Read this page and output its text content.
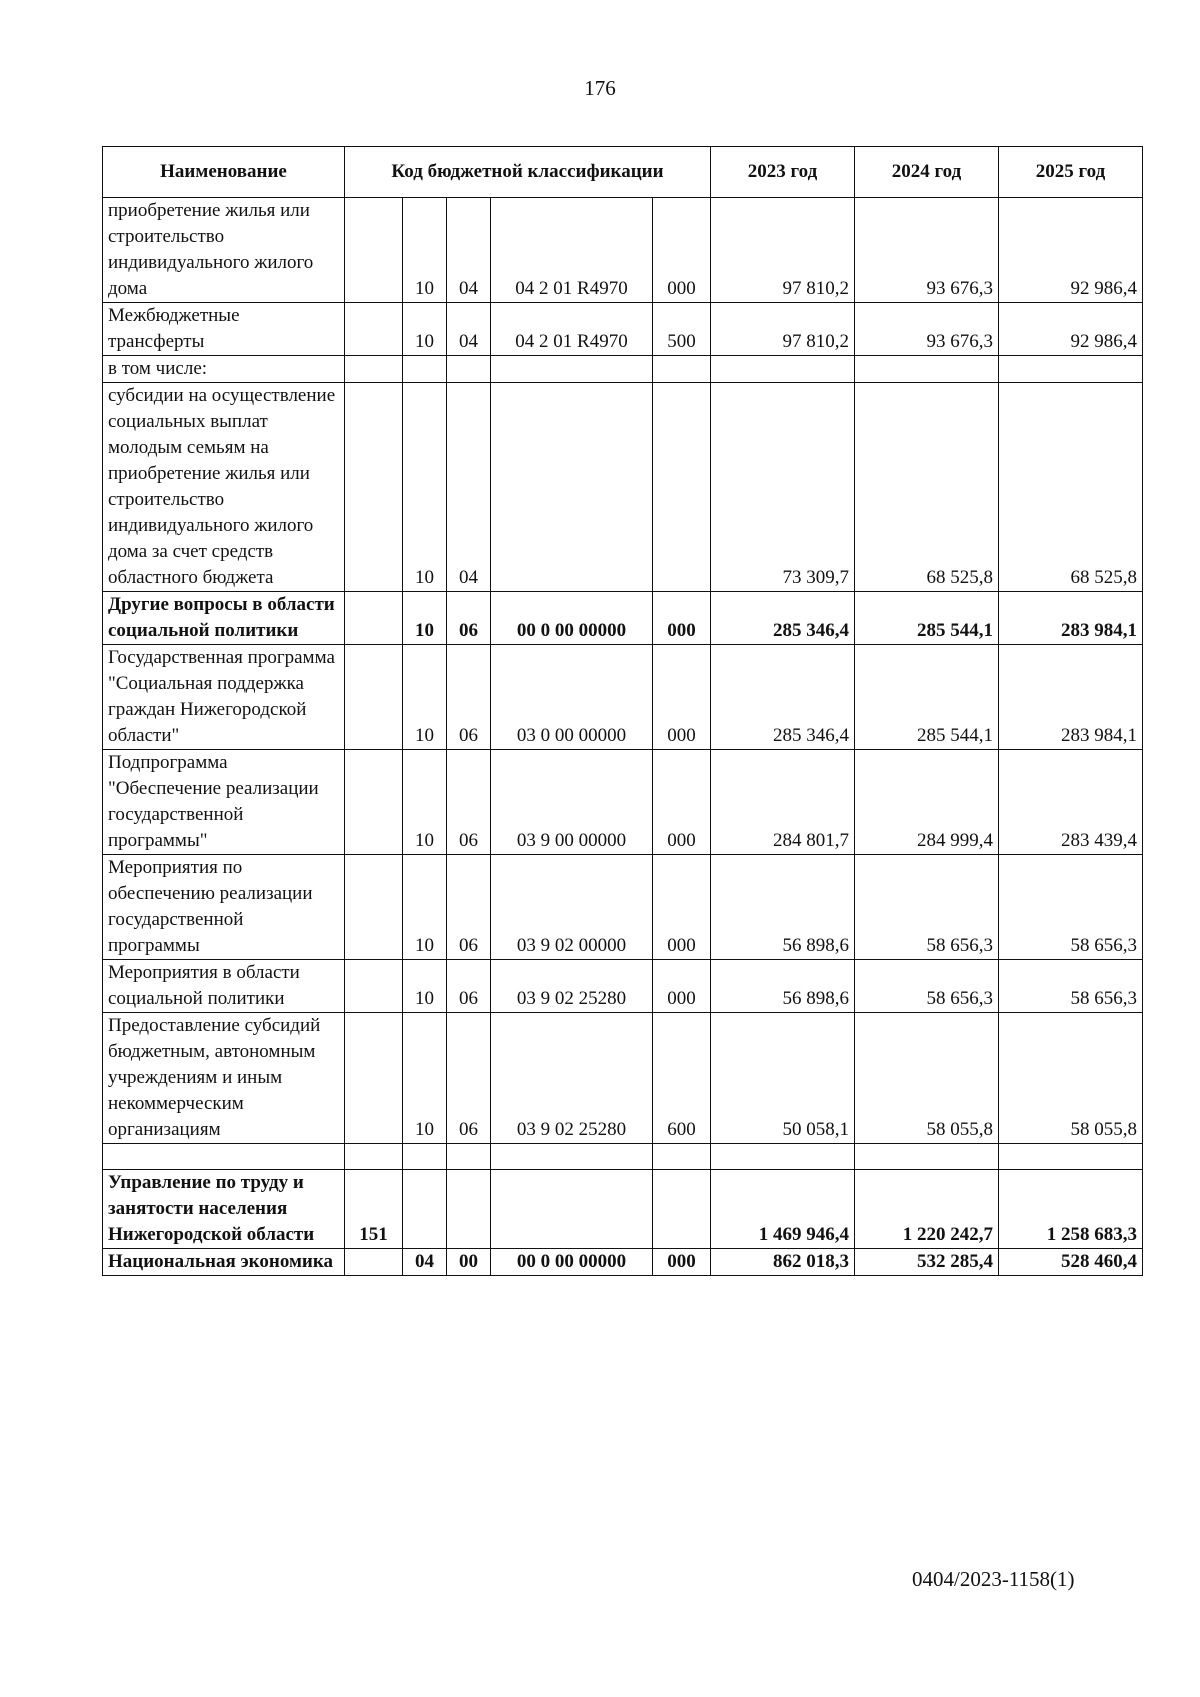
176
Наименование	Код бюджетной классификации					2023 год	2024 год	2025 год
приобретение жилья или строительство индивидуального жилого дома		10	04	04 2 01 R4970	000	97 810,2	93 676,3	92 986,4
Межбюджетные трансферты		10	04	04 2 01 R4970	500	97 810,2	93 676,3	92 986,4
в том числе:								
субсидии на осуществление социальных выплат молодым семьям на приобретение жилья или строительство индивидуального жилого дома за счет средств областного бюджета		10	04			73 309,7	68 525,8	68 525,8
Другие вопросы в области социальной политики		10	06	00 0 00 00000	000	285 346,4	285 544,1	283 984,1
Государственная программа "Социальная поддержка граждан Нижегородской области"		10	06	03 0 00 00000	000	285 346,4	285 544,1	283 984,1
Подпрограмма "Обеспечение реализации государственной программы"		10	06	03 9 00 00000	000	284 801,7	284 999,4	283 439,4
Мероприятия по обеспечению реализации государственной программы		10	06	03 9 02 00000	000	56 898,6	58 656,3	58 656,3
Мероприятия в области социальной политики		10	06	03 9 02 25280	000	56 898,6	58 656,3	58 656,3
Предоставление субсидий бюджетным, автономным учреждениям и иным некоммерческим организациям		10	06	03 9 02 25280	600	50 058,1	58 055,8	58 055,8

Управление по труду и занятости населения Нижегородской области	151					1 469 946,4	1 220 242,7	1 258 683,3
Национальная экономика		04	00	00 0 00 00000	000	862 018,3	532 285,4	528 460,4
0404/2023-1158(1)
